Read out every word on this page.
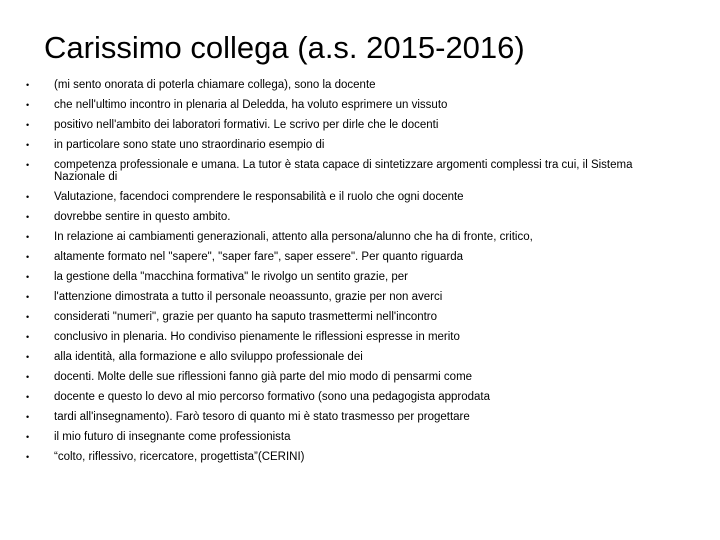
Carissimo collega (a.s. 2015-2016)
• (mi sento onorata di poterla chiamare collega), sono la docente
• che nell'ultimo incontro in plenaria al Deledda, ha voluto esprimere un vissuto
• positivo nell'ambito dei laboratori formativi. Le scrivo per dirle che le docenti
• in particolare sono state uno straordinario esempio di
• competenza professionale e umana. La tutor è stata capace di sintetizzare argomenti complessi tra cui, il Sistema Nazionale di
• Valutazione, facendoci comprendere le responsabilità e il ruolo che ogni docente
• dovrebbe sentire in questo ambito.
• In relazione ai cambiamenti generazionali, attento alla persona/alunno che ha di fronte, critico,
• altamente formato nel "sapere", "saper fare", saper essere". Per quanto riguarda
• la gestione della "macchina formativa" le rivolgo un sentito grazie, per
• l'attenzione dimostrata a tutto il personale neoassunto, grazie per non averci
• considerati "numeri", grazie per quanto ha saputo trasmettermi nell'incontro
• conclusivo in plenaria. Ho condiviso pienamente le riflessioni espresse in merito
• alla identità, alla formazione e allo sviluppo professionale dei
• docenti. Molte delle sue riflessioni fanno già parte del mio modo di pensarmi come
• docente e questo lo devo al mio percorso formativo (sono una pedagogista approdata
• tardi all'insegnamento). Farò tesoro di quanto mi è stato trasmesso per progettare
• il mio futuro di insegnante come professionista
• “colto, riflessivo, ricercatore, progettista”(CERINI)
